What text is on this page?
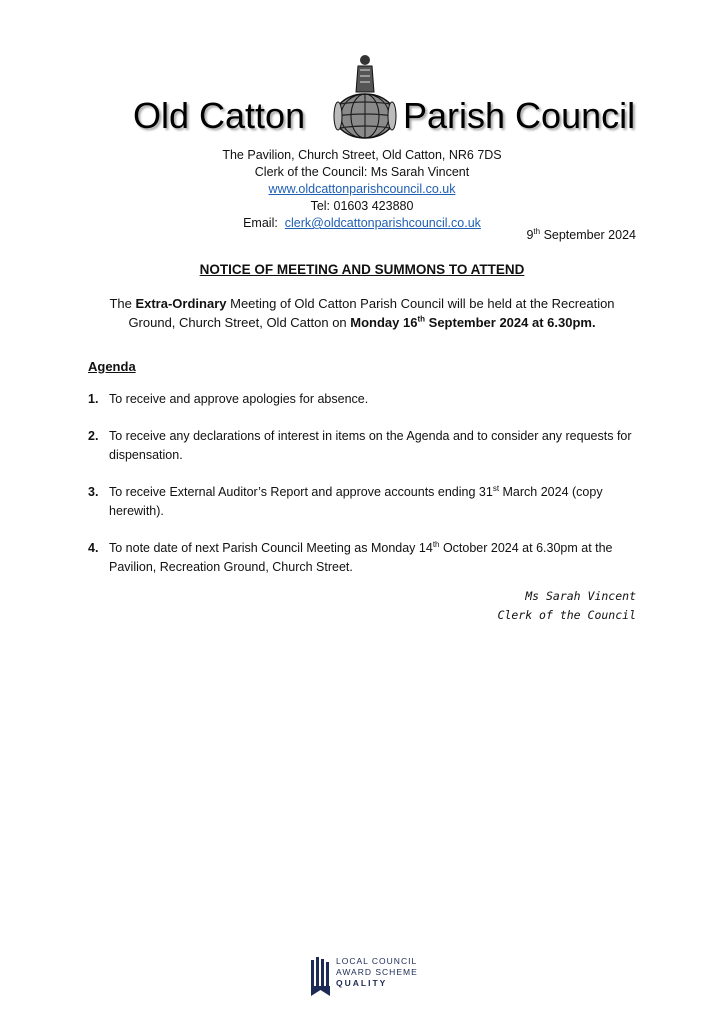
Old Catton	Parish Council
The Pavilion, Church Street, Old Catton, NR6 7DS
Clerk of the Council: Ms Sarah Vincent
www.oldcattonparishcouncil.co.uk
Tel: 01603 423880
Email: clerk@oldcattonparishcouncil.co.uk
9th September 2024
NOTICE OF MEETING AND SUMMONS TO ATTEND
The Extra-Ordinary Meeting of Old Catton Parish Council will be held at the Recreation Ground, Church Street, Old Catton on Monday 16th September 2024 at 6.30pm.
Agenda
1. To receive and approve apologies for absence.
2. To receive any declarations of interest in items on the Agenda and to consider any requests for dispensation.
3. To receive External Auditor’s Report and approve accounts ending 31st March 2024 (copy herewith).
4. To note date of next Parish Council Meeting as Monday 14th October 2024 at 6.30pm at the Pavilion, Recreation Ground, Church Street.
Ms Sarah Vincent
Clerk of the Council
LOCAL COUNCIL
AWARD SCHEME
QUALITY
